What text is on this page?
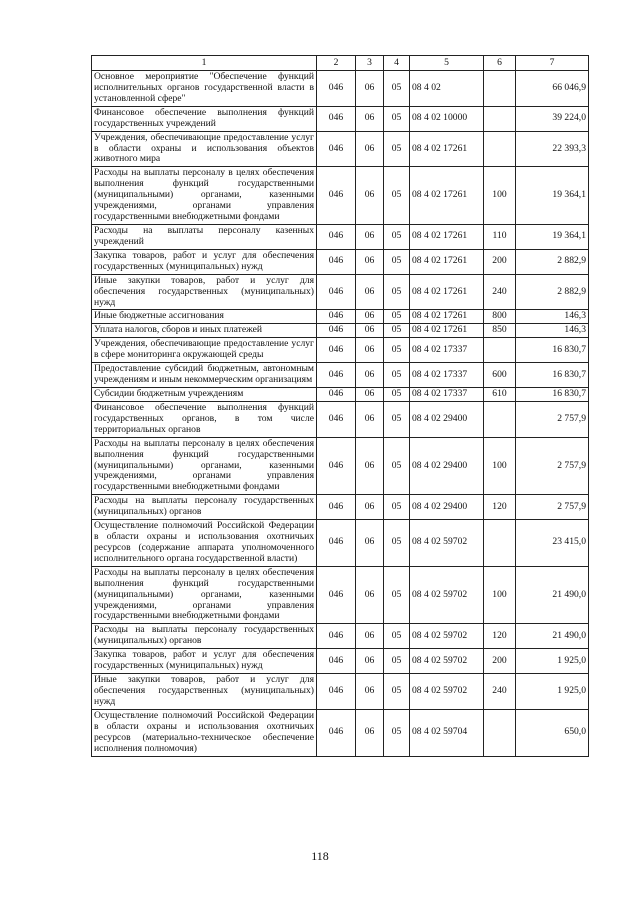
1	2	3	4	5	6	7
Основное мероприятие "Обеспечение функций исполнительных органов государственной власти в установленной сфере"	046	06	05	08 4 02		66 046,9
Финансовое обеспечение выполнения функций государственных учреждений	046	06	05	08 4 02 10000		39 224,0
Учреждения, обеспечивающие предоставление услуг в области охраны и использования объектов животного мира	046	06	05	08 4 02 17261		22 393,3
Расходы на выплаты персоналу в целях обеспечения выполнения функций государственными (муниципальными) органами, казенными учреждениями, органами управления государственными внебюджетными фондами	046	06	05	08 4 02 17261	100	19 364,1
Расходы на выплаты персоналу казенных учреждений	046	06	05	08 4 02 17261	110	19 364,1
Закупка товаров, работ и услуг для обеспечения государственных (муниципальных) нужд	046	06	05	08 4 02 17261	200	2 882,9
Иные закупки товаров, работ и услуг для обеспечения государственных (муниципальных) нужд	046	06	05	08 4 02 17261	240	2 882,9
Иные бюджетные ассигнования	046	06	05	08 4 02 17261	800	146,3
Уплата налогов, сборов и иных платежей	046	06	05	08 4 02 17261	850	146,3
Учреждения, обеспечивающие предоставление услуг в сфере мониторинга окружающей среды	046	06	05	08 4 02 17337		16 830,7
Предоставление субсидий бюджетным, автономным учреждениям и иным некоммерческим организациям	046	06	05	08 4 02 17337	600	16 830,7
Субсидии бюджетным учреждениям	046	06	05	08 4 02 17337	610	16 830,7
Финансовое обеспечение выполнения функций государственных органов, в том числе территориальных органов	046	06	05	08 4 02 29400		2 757,9
Расходы на выплаты персоналу в целях обеспечения выполнения функций государственными (муниципальными) органами, казенными учреждениями, органами управления государственными внебюджетными фондами	046	06	05	08 4 02 29400	100	2 757,9
Расходы на выплаты персоналу государственных (муниципальных) органов	046	06	05	08 4 02 29400	120	2 757,9
Осуществление полномочий Российской Федерации в области охраны и использования охотничьих ресурсов (содержание аппарата уполномоченного исполнительного органа государственной власти)	046	06	05	08 4 02 59702		23 415,0
Расходы на выплаты персоналу в целях обеспечения выполнения функций государственными (муниципальными) органами, казенными учреждениями, органами управления государственными внебюджетными фондами	046	06	05	08 4 02 59702	100	21 490,0
Расходы на выплаты персоналу государственных (муниципальных) органов	046	06	05	08 4 02 59702	120	21 490,0
Закупка товаров, работ и услуг для обеспечения государственных (муниципальных) нужд	046	06	05	08 4 02 59702	200	1 925,0
Иные закупки товаров, работ и услуг для обеспечения государственных (муниципальных) нужд	046	06	05	08 4 02 59702	240	1 925,0
Осуществление полномочий Российской Федерации в области охраны и использования охотничьих ресурсов (материально-техническое обеспечение исполнения полномочия)	046	06	05	08 4 02 59704		650,0
118
